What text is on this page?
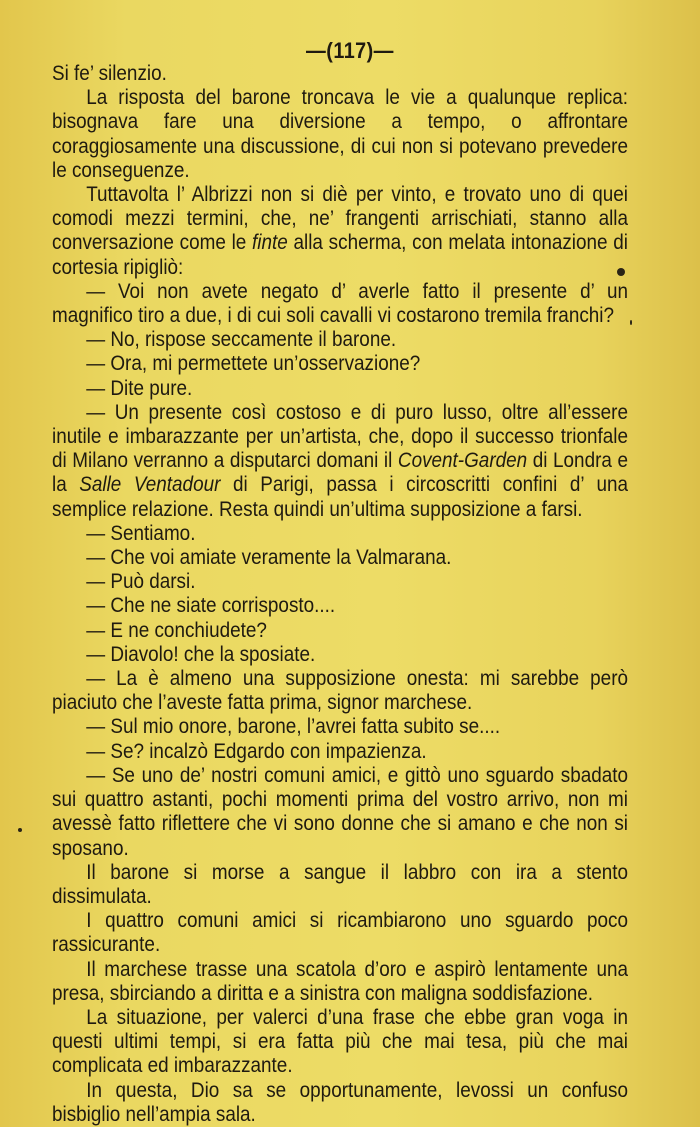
—(117)—

Si fe’ silenzio.

La risposta del barone troncava le vie a qualunque replica: bisognava fare una diversione a tempo, o affrontare coraggiosamente una discussione, di cui non si potevano prevedere le conseguenze.

Tuttavolta l’ Albrizzi non si diè per vinto, e trovato uno di quei comodi mezzi termini, che, ne’ frangenti arrischiati, stanno alla conversazione come le finte alla scherma, con melata intonazione di cortesia ripigliò:

— Voi non avete negato d’ averle fatto il presente d’ un magnifico tiro a due, i di cui soli cavalli vi costarono tremila franchi?

— No, rispose seccamente il barone.

— Ora, mi permettete un’osservazione?

— Dite pure.

— Un presente così costoso e di puro lusso, oltre all’essere inutile e imbarazzante per un’artista, che, dopo il successo trionfale di Milano verranno a disputarci domani il Covent-Garden di Londra e la Salle Ventadour di Parigi, passa i circoscritti confini d’ una semplice relazione. Resta quindi un’ultima supposizione a farsi.

— Sentiamo.

— Che voi amiate veramente la Valmarana.

— Può darsi.

— Che ne siate corrisposto....

— E ne conchiudete?

— Diavolo! che la sposiate.

— La è almeno una supposizione onesta: mi sarebbe però piaciuto che l’aveste fatta prima, signor marchese.

— Sul mio onore, barone, l’avrei fatta subito se....

— Se? incalzò Edgardo con impazienza.

— Se uno de’ nostri comuni amici, e gittò uno sguardo sbadato sui quattro astanti, pochi momenti prima del vostro arrivo, non mi avessè fatto riflettere che vi sono donne che si amano e che non si sposano.

Il barone si morse a sangue il labbro con ira a stento dissimulata.

I quattro comuni amici si ricambiarono uno sguardo poco rassicurante.

Il marchese trasse una scatola d’oro e aspirò lentamente una presa, sbirciando a diritta e a sinistra con maligna soddisfazione.

La situazione, per valerci d’una frase che ebbe gran voga in questi ultimi tempi, si era fatta più che mai tesa, più che mai complicata ed imbarazzante.

In questa, Dio sa se opportunamente, levossi un confuso bisbiglio nell’ampia sala.
